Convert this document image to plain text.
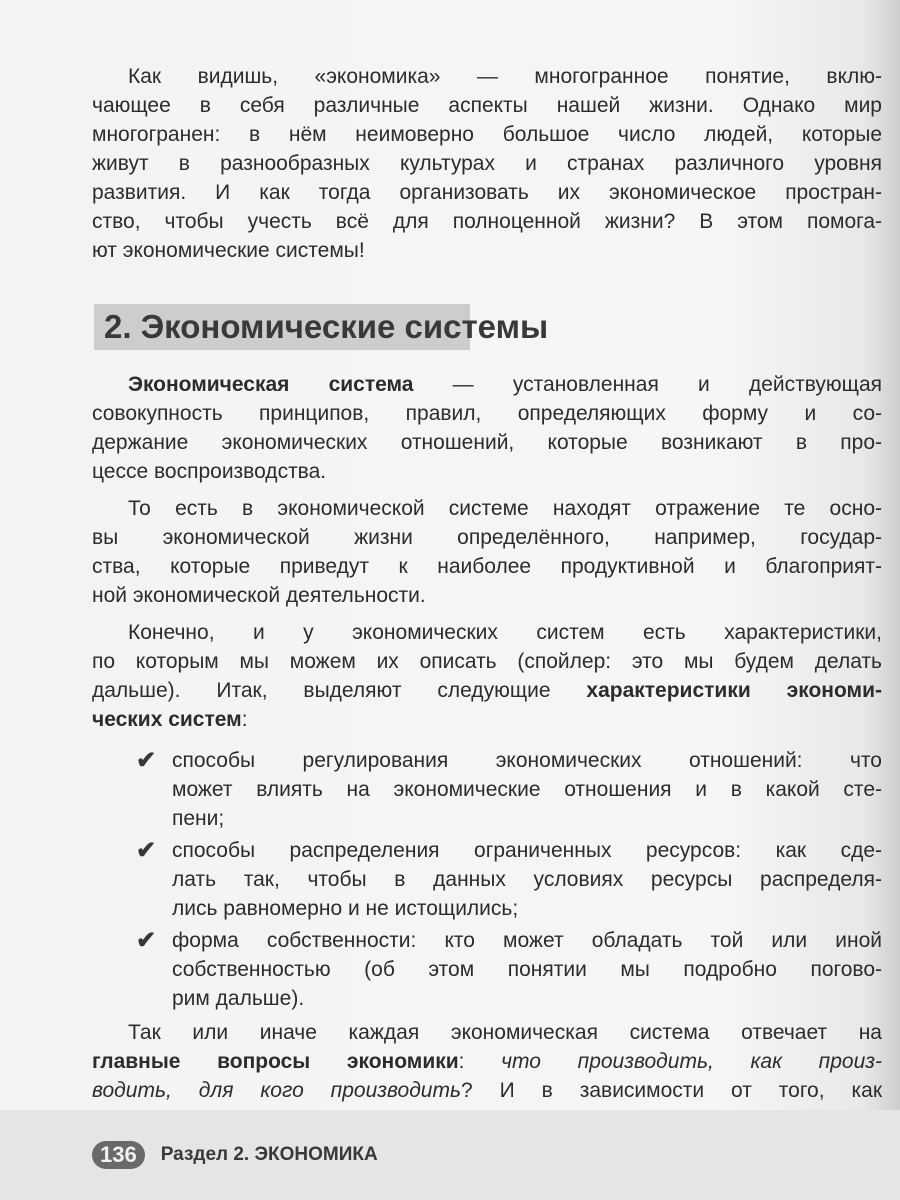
Как видишь, «экономика» — многогранное понятие, вклю-
чающее в себя различные аспекты нашей жизни. Однако мир
многогранен: в нём неимоверно большое число людей, которые
живут в разнообразных культурах и странах различного уровня
развития. И как тогда организовать их экономическое простран-
ство, чтобы учесть всё для полноценной жизни? В этом помога-
ют экономические системы!
Экономическая система — установленная и действующая
совокупность принципов, правил, определяющих форму и со-
держание экономических отношений, которые возникают в про-
цессе воспроизводства.
То есть в экономической системе находят отражение те осно-
вы экономической жизни определённого, например, государ-
ства, которые приведут к наиболее продуктивной и благоприят-
ной экономической деятельности.
Конечно, и у экономических систем есть характеристики,
по которым мы можем их описать (спойлер: это мы будем делать
дальше). Итак, выделяют следующие характеристики экономи-
ческих систем:
✔ способы регулирования экономических отношений: что
может влиять на экономические отношения и в какой сте-
пени;
✔ способы распределения ограниченных ресурсов: как сде-
лать так, чтобы в данных условиях ресурсы распределя-
лись равномерно и не истощились;
✔ форма собственности: кто может обладать той или иной
собственностью (об этом понятии мы подробно погово-
рим дальше).
Так или иначе каждая экономическая система отвечает на
главные вопросы экономики: что производить, как произ-
водить, для кого производить? И в зависимости от того, как
2. Экономические системы
136	Раздел 2. ЭКОНОМИКА
